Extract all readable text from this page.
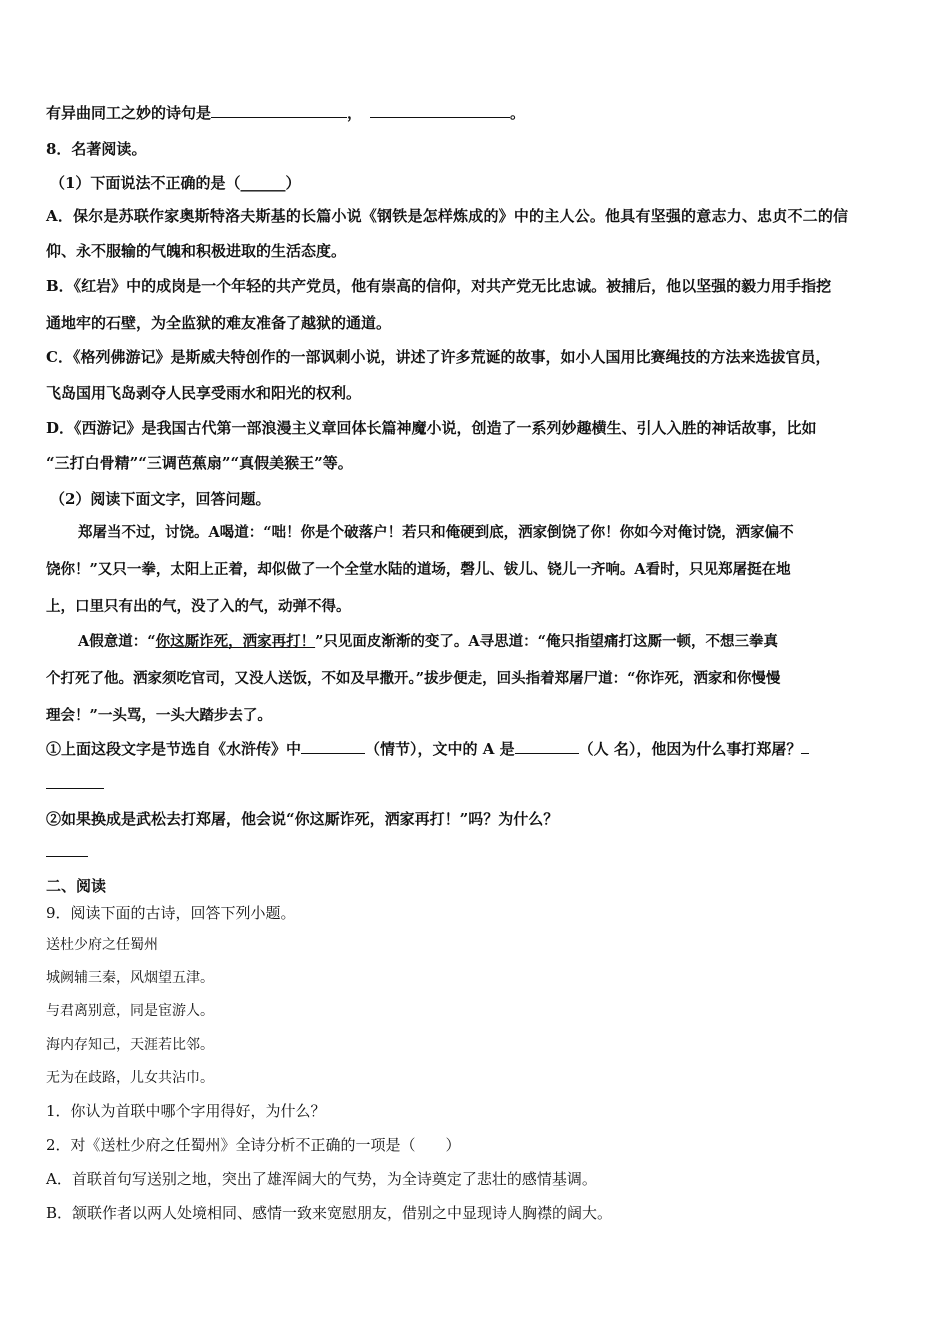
有异曲同工之妙的诗句是	，	。
8．名著阅读。
（1）下面说法不正确的是（______）
A．保尔是苏联作家奥斯特洛夫斯基的长篇小说《钢铁是怎样炼成的》中的主人公。他具有坚强的意志力、忠贞不二的信
仰、永不服输的气魄和积极进取的生活态度。
B．《红岩》中的成岗是一个年轻的共产党员，他有崇高的信仰，对共产党无比忠诚。被捕后，他以坚强的毅力用手指挖
通地牢的石壁，为全监狱的难友准备了越狱的通道。
C．《格列佛游记》是斯威夫特创作的一部讽刺小说，讲述了许多荒诞的故事，如小人国用比赛绳技的方法来选拔官员，
飞岛国用飞岛剥夺人民享受雨水和阳光的权利。
D．《西游记》是我国古代第一部浪漫主义章回体长篇神魔小说，创造了一系列妙趣横生、引人入胜的神话故事，比如
“三打白骨精”“三调芭蕉扇”“真假美猴王”等。
（2）阅读下面文字，回答问题。
郑屠当不过，讨饶。A喝道：“咄！你是个破落户！若只和俺硬到底，洒家倒饶了你！你如今对俺讨饶，洒家偏不
饶你！”又只一拳，太阳上正着，却似做了一个全堂水陆的道场，磬儿、钹儿、铙儿一齐响。A看时，只见郑屠挺在地
上，口里只有出的气，没了入的气，动弹不得。
A假意道：“你这厮诈死，洒家再打！”只见面皮渐渐的变了。A寻思道：“俺只指望痛打这厮一顿，不想三拳真
个打死了他。洒家须吃官司，又没人送饭，不如及早撒开。”拔步便走，回头指着郑屠尸道：“你诈死，洒家和你慢慢
理会！”一头骂，一头大踏步去了。
①上面这段文字是节选自《水浒传》中	（情节），文中的 A 是	（人 名），他因为什么事打郑屠？
②如果换成是武松去打郑屠，他会说“你这厮诈死，洒家再打！”吗？为什么？
二、阅读
9．阅读下面的古诗，回答下列小题。
送杜少府之任蜀州
城阙辅三秦，风烟望五津。
与君离别意，同是宦游人。
海内存知己，天涯若比邻。
无为在歧路，儿女共沾巾。
1．你认为首联中哪个字用得好，为什么？
2．对《送杜少府之任蜀州》全诗分析不正确的一项是（　　）
A．首联首句写送别之地，突出了雄浑阔大的气势，为全诗奠定了悲壮的感情基调。
B．颔联作者以两人处境相同、感情一致来宽慰朋友，借别之中显现诗人胸襟的阔大。
